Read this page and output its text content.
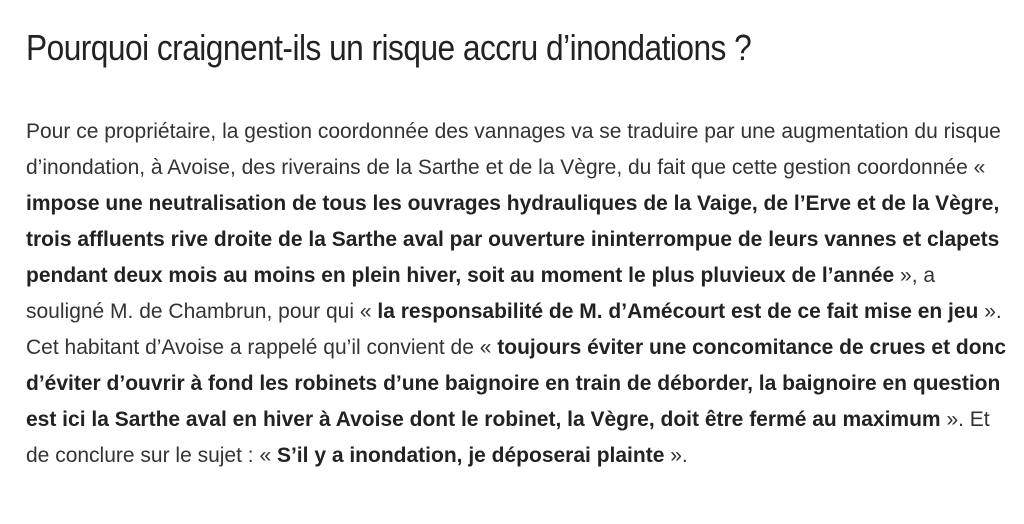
Pourquoi craignent-ils un risque accru d’inondations ?

Pour ce propriétaire, la gestion coordonnée des vannages va se traduire par une augmentation du risque d’inondation, à Avoise, des riverains de la Sarthe et de la Vègre, du fait que cette gestion coordonnée « impose une neutralisation de tous les ouvrages hydrauliques de la Vaige, de l’Erve et de la Vègre, trois affluents rive droite de la Sarthe aval par ouverture ininterrompue de leurs vannes et clapets pendant deux mois au moins en plein hiver, soit au moment le plus pluvieux de l’année », a souligné M. de Chambrun, pour qui « la responsabilité de M. d’Amécourt est de ce fait mise en jeu ». Cet habitant d’Avoise a rappelé qu’il convient de « toujours éviter une concomitance de crues et donc d’éviter d’ouvrir à fond les robinets d’une baignoire en train de déborder, la baignoire en question est ici la Sarthe aval en hiver à Avoise dont le robinet, la Vègre, doit être fermé au maximum ». Et de conclure sur le sujet : « S’il y a inondation, je déposerai plainte ».
